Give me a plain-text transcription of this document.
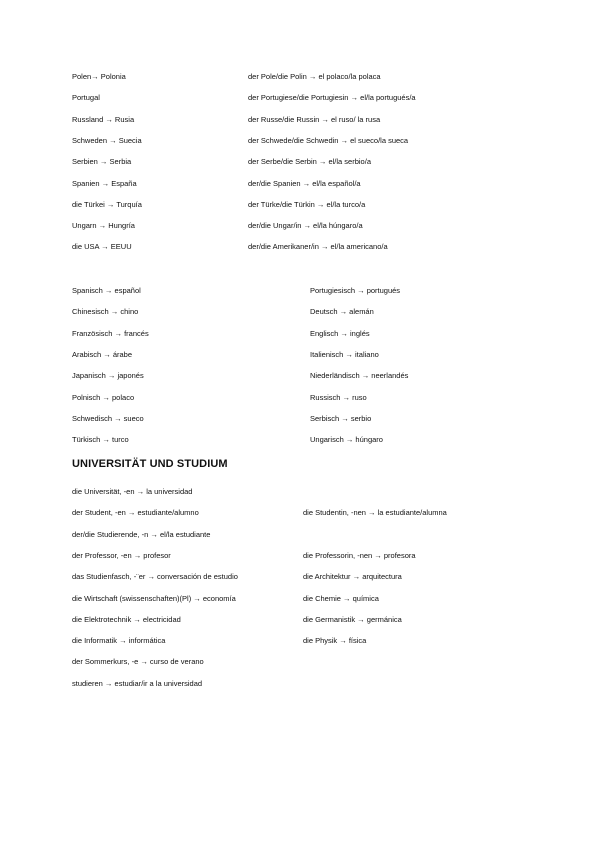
Polen→ Polonia	der Pole/die Polin → el polaco/la polaca
Portugal	der Portugiese/die Portugiesin → el/la portugués/a
Russland → Rusia	der Russe/die Russin → el ruso/ la rusa
Schweden → Suecia	der Schwede/die Schwedin → el sueco/la sueca
Serbien → Serbia	der Serbe/die Serbin → el/la serbio/a
Spanien → España	der/die Spanien → el/la español/a
die Türkei → Turquía	der Türke/die Türkin → el/la turco/a
Ungarn → Hungría	der/die Ungar/in → el/la húngaro/a
die USA → EEUU	der/die Amerikaner/in → el/la americano/a
Spanisch → español	Portugiesisch → portugués
Chinesisch → chino	Deutsch → alemán
Französisch → francés	Englisch → inglés
Arabisch → árabe	Italienisch → italiano
Japanisch → japonés	Niederländisch → neerlandés
Polnisch → polaco	Russisch → ruso
Schwedisch → sueco	Serbisch → serbio
Türkisch → turco	Ungarisch → húngaro
UNIVERSITÄT UND STUDIUM
die Universität, -en → la universidad
der Student, -en → estudiante/alumno	die Studentin, -nen → la estudiante/alumna
der/die Studierende, -n → el/la estudiante
der Professor, -en → profesor	die Professorin, -nen → profesora
das Studienfasch, -¨er → conversación de estudio	die Architektur → arquitectura
die Wirtschaft (swissenschaften)(Pl) → economía	die Chemie → química
die Elektrotechnik → electricidad	die Germanistik → germánica
die Informatik → informática	die Physik → física
der Sommerkurs, -e → curso de verano
studieren → estudiar/ir a la universidad
